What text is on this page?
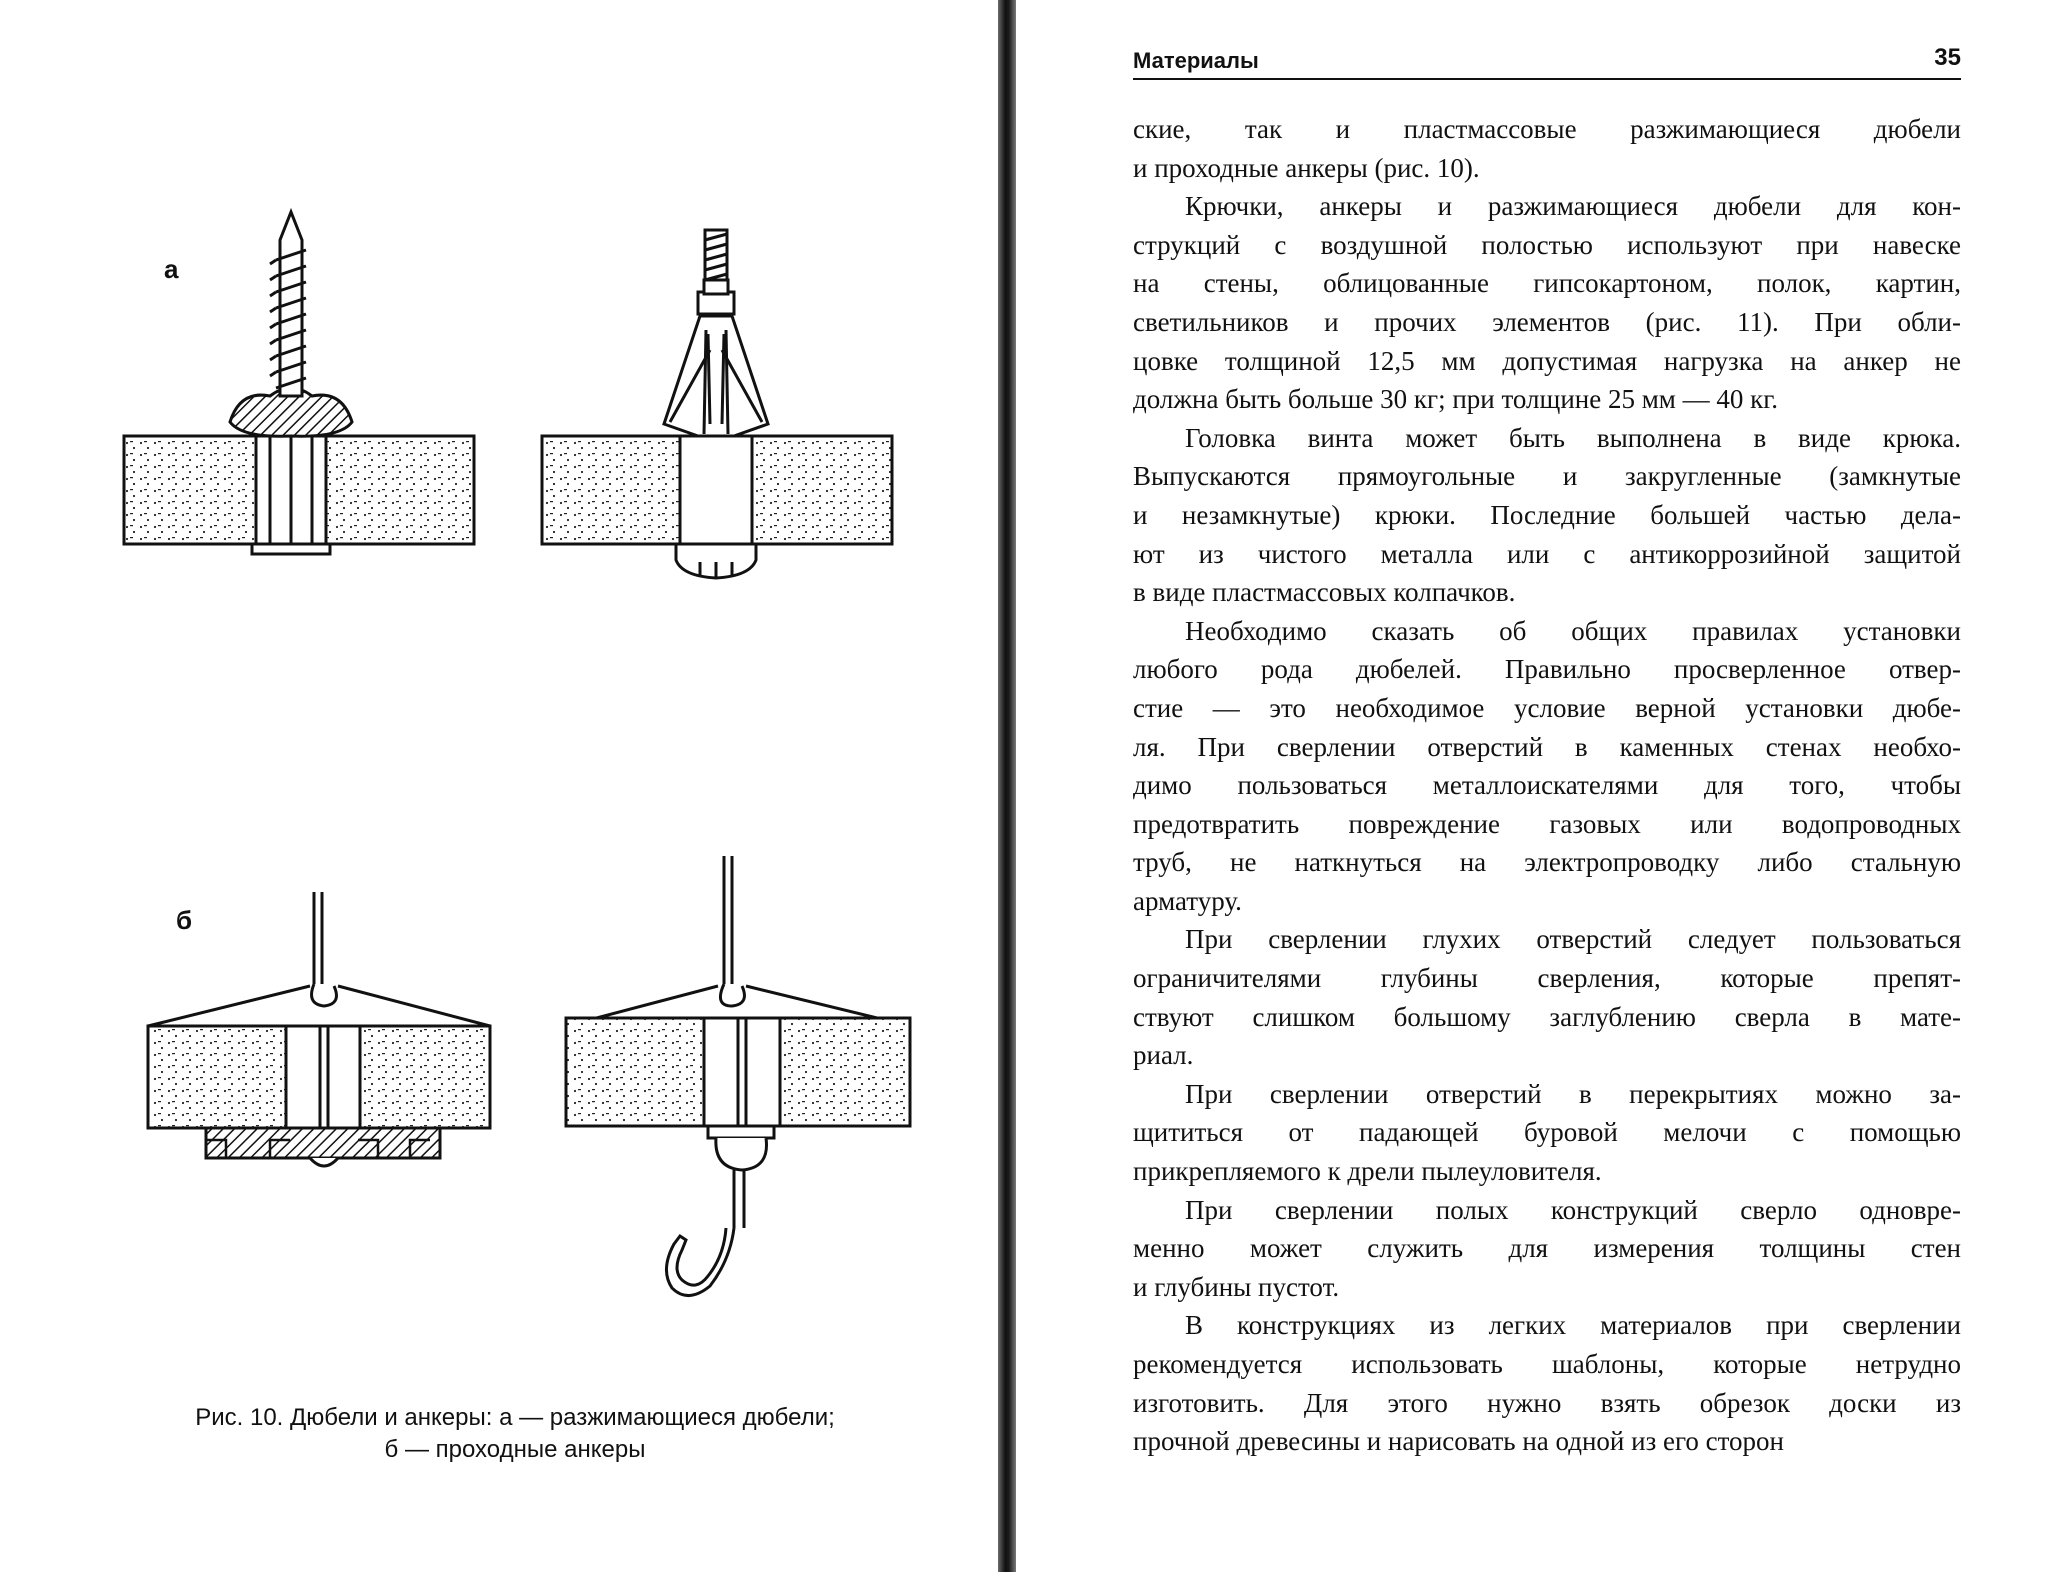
а
б
Рис. 10. Дюбели и анкеры: а — разжимающиеся дюбели;
б — проходные анкеры
Материалы	35

ские, так и пластмассовые разжимающиеся дюбели
и проходные анкеры (рис. 10).

Крючки, анкеры и разжимающиеся дюбели для кон-
струкций с воздушной полостью используют при навеске
на стены, облицованные гипсокартоном, полок, картин,
светильников и прочих элементов (рис. 11). При обли-
цовке толщиной 12,5 мм допустимая нагрузка на анкер не
должна быть больше 30 кг; при толщине 25 мм — 40 кг.

Головка винта может быть выполнена в виде крюка.
Выпускаются прямоугольные и закругленные (замкнутые
и незамкнутые) крюки. Последние большей частью дела-
ют из чистого металла или с антикоррозийной защитой
в виде пластмассовых колпачков.

Необходимо сказать об общих правилах установки
любого рода дюбелей. Правильно просверленное отвер-
стие — это необходимое условие верной установки дюбе-
ля. При сверлении отверстий в каменных стенах необхо-
димо пользоваться металлоискателями для того, чтобы
предотвратить повреждение газовых или водопроводных
труб, не наткнуться на электропроводку либо стальную
арматуру.

При сверлении глухих отверстий следует пользоваться
ограничителями глубины сверления, которые препят-
ствуют слишком большому заглублению сверла в мате-
риал.

При сверлении отверстий в перекрытиях можно за-
щититься от падающей буровой мелочи с помощью
прикрепляемого к дрели пылеуловителя.

При сверлении полых конструкций сверло одновре-
менно может служить для измерения толщины стен
и глубины пустот.

В конструкциях из легких материалов при сверлении
рекомендуется использовать шаблоны, которые нетрудно
изготовить. Для этого нужно взять обрезок доски из
прочной древесины и нарисовать на одной из его сторон
